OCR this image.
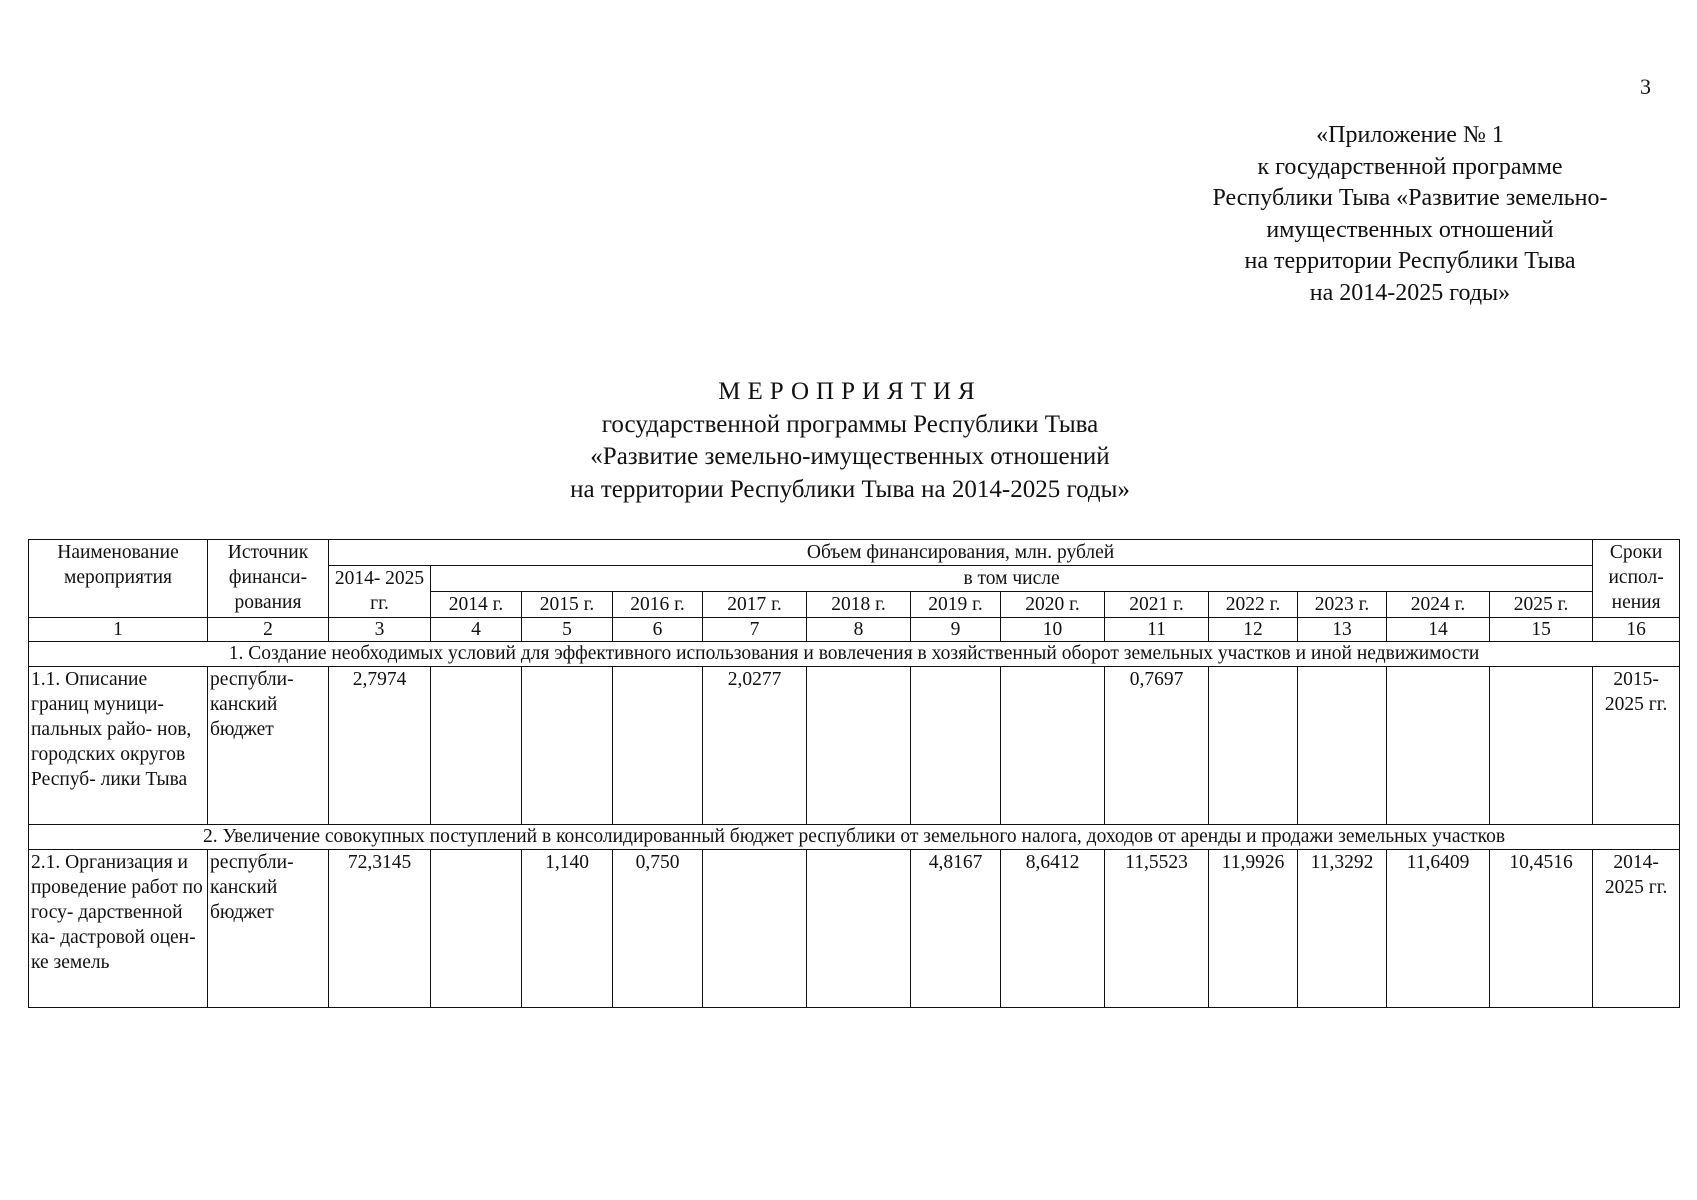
3
«Приложение № 1
к государственной программе
Республики Тыва «Развитие земельно-
имущественных отношений
на территории Республики Тыва
на 2014-2025 годы»
МЕРОПРИЯТИЯ
государственной программы Республики Тыва
«Развитие земельно-имущественных отношений
на территории Республики Тыва на 2014-2025 годы»
Наименование мероприятия	Источник финанси- рования	Объем финансирования, млн. рублей													Сроки испол- нения
		2014- 2025 гг.	в том числе												
			2014 г.	2015 г.	2016 г.	2017 г.	2018 г.	2019 г.	2020 г.	2021 г.	2022 г.	2023 г.	2024 г.	2025 г.	
1	2	3	4	5	6	7	8	9	10	11	12	13	14	15	16
1. Создание необходимых условий для эффективного использования и вовлечения в хозяйственный оборот земельных участков и иной недвижимости															
1.1. Описание границ муници- пальных райо- нов, городских округов Респуб- лики Тыва	республи- канский бюджет	2,7974				2,0277				0,7697					2015- 2025 гг.
2. Увеличение совокупных поступлений в консолидированный бюджет республики от земельного налога, доходов от аренды и продажи земельных участков															
2.1. Организация и проведение работ по госу- дарственной ка- дастровой оцен- ке земель	республи- канский бюджет	72,3145		1,140	0,750			4,8167	8,6412	11,5523	11,9926	11,3292	11,6409	10,4516	2014- 2025 гг.
